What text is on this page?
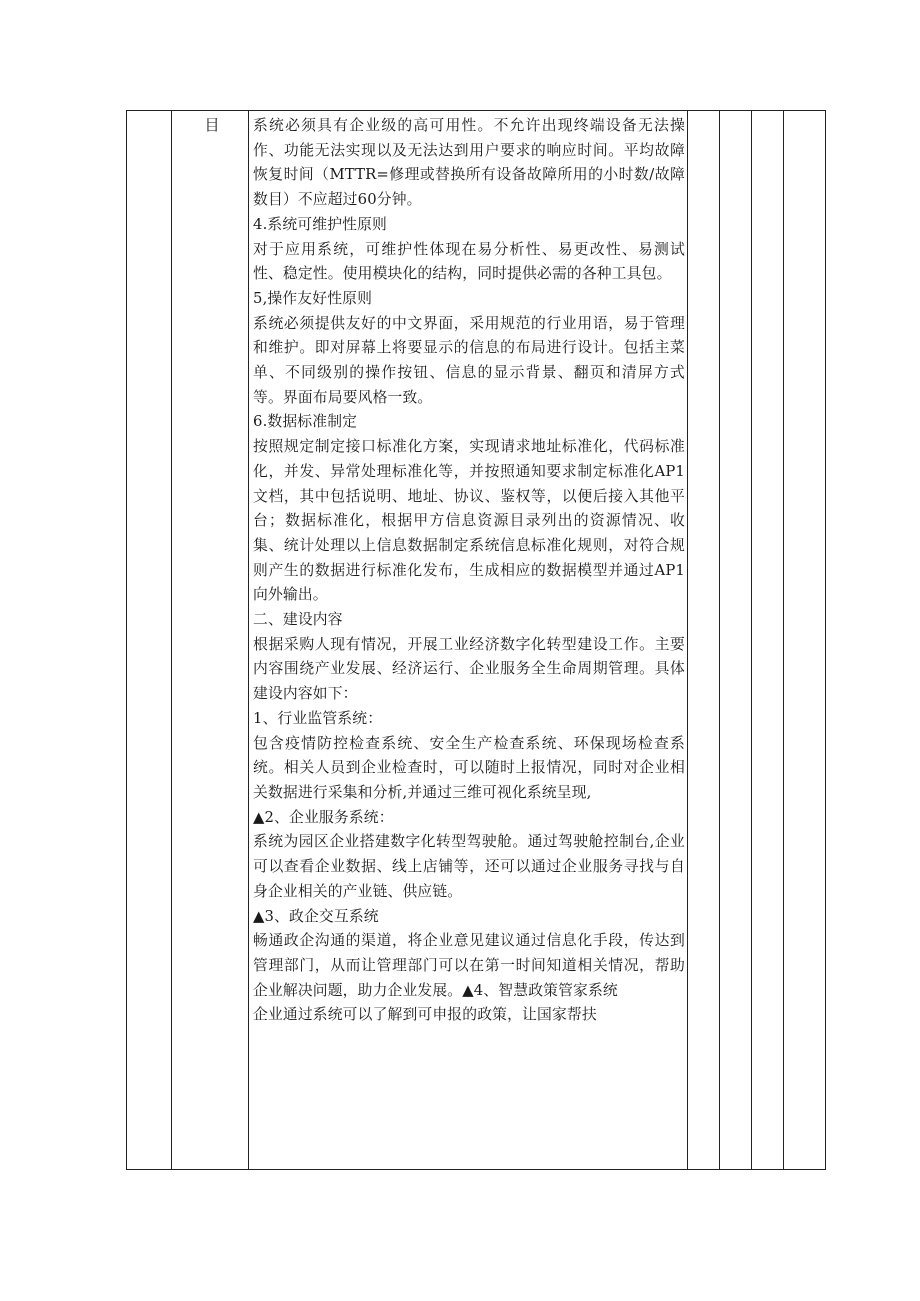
目	系统必须具有企业级的高可用性。不允许出现终端设备无法操作、功能无法实现以及无法达到用户要求的响应时间。平均故障恢复时间（MTTR=修理或替换所有设备故障所用的小时数/故障数目）不应超过60分钟。

4.系统可维护性原则

对于应用系统，可维护性体现在易分析性、易更改性、易测试性、稳定性。使用模块化的结构，同时提供必需的各种工具包。

5,操作友好性原则

系统必须提供友好的中文界面，采用规范的行业用语，易于管理和维护。即对屏幕上将要显示的信息的布局进行设计。包括主菜单、不同级别的操作按钮、信息的显示背景、翻页和清屏方式等。界面布局要风格一致。

6.数据标准制定

按照规定制定接口标准化方案，实现请求地址标准化，代码标准化，并发、异常处理标准化等，并按照通知要求制定标准化AP1文档，其中包括说明、地址、协议、鉴权等，以便后接入其他平台；数据标准化，根据甲方信息资源目录列出的资源情况、收集、统计处理以上信息数据制定系统信息标准化规则，对符合规则产生的数据进行标准化发布，生成相应的数据模型并通过AP1向外输出。

二、建设内容

根据采购人现有情况，开展工业经济数字化转型建设工作。主要内容围绕产业发展、经济运行、企业服务全生命周期管理。具体建设内容如下：

1、行业监管系统：

包含疫情防控检查系统、安全生产检查系统、环保现场检查系统。相关人员到企业检查时，可以随时上报情况，同时对企业相关数据进行采集和分析,并通过三维可视化系统呈现,

▲2、企业服务系统：

系统为园区企业搭建数字化转型驾驶舱。通过驾驶舱控制台,企业可以查看企业数据、线上店铺等，还可以通过企业服务寻找与自身企业相关的产业链、供应链。

▲3、政企交互系统

畅通政企沟通的渠道，将企业意见建议通过信息化手段，传达到管理部门，从而让管理部门可以在第一时间知道相关情况，帮助企业解决问题，助力企业发展。▲4、智慧政策管家系统

企业通过系统可以了解到可申报的政策，让国家帮扶
